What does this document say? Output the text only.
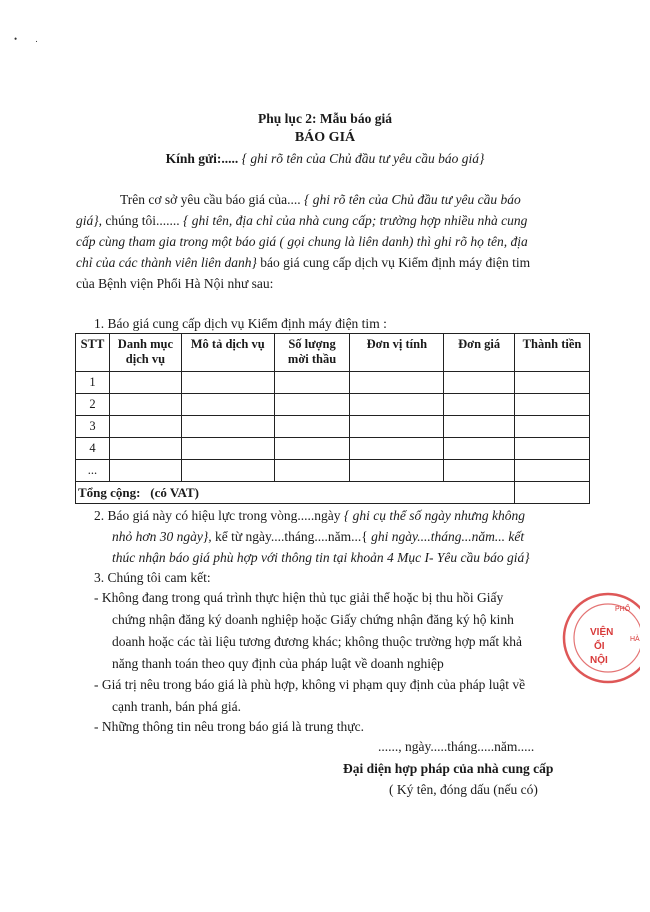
• .
Phụ lục 2: Mẫu báo giá
BÁO GIÁ
Kính gửi:..... { ghi rõ tên của Chủ đầu tư yêu cầu báo giá}
Trên cơ sở yêu cầu báo giá của.... { ghi rõ tên của Chủ đầu tư yêu cầu báo
giá}, chúng tôi....... { ghi tên, địa chỉ của nhà cung cấp; trường hợp nhiều nhà cung
cấp cùng tham gia trong một báo giá ( gọi chung là liên danh) thì ghi rõ họ tên, địa
chỉ của các thành viên liên danh} báo giá cung cấp dịch vụ Kiểm định máy điện tim
của Bệnh viện Phổi Hà Nội như sau:
1. Báo giá cung cấp dịch vụ Kiểm định máy điện tim :
STT	Danh mục dịch vụ	Mô tả dịch vụ	Số lượng mời thầu	Đơn vị tính	Đơn giá	Thành tiền
1						
2						
3						
4						
...						
Tổng cộng: (có VAT)						
2. Báo giá này có hiệu lực trong vòng.....ngày { ghi cụ thể số ngày nhưng không
nhỏ hơn 30 ngày}, kể từ ngày....tháng....năm...{ ghi ngày....tháng...năm... kết
thúc nhận báo giá phù hợp với thông tin tại khoản 4 Mục I- Yêu cầu báo giá}
3. Chúng tôi cam kết:
- Không đang trong quá trình thực hiện thủ tục giải thể hoặc bị thu hồi Giấy
chứng nhận đăng ký doanh nghiệp hoặc Giấy chứng nhận đăng ký hộ kinh
doanh hoặc các tài liệu tương đương khác; không thuộc trường hợp mất khả
năng thanh toán theo quy định của pháp luật về doanh nghiệp
- Giá trị nêu trong báo giá là phù hợp, không vi phạm quy định của pháp luật về
cạnh tranh, bán phá giá.
- Những thông tin nêu trong báo giá là trung thực.
......, ngày.....tháng.....năm.....
Đại diện hợp pháp của nhà cung cấp
( Ký tên, đóng dấu (nếu có)
VIỆN
ỔI
NỘI
PHỔ
HÀ
